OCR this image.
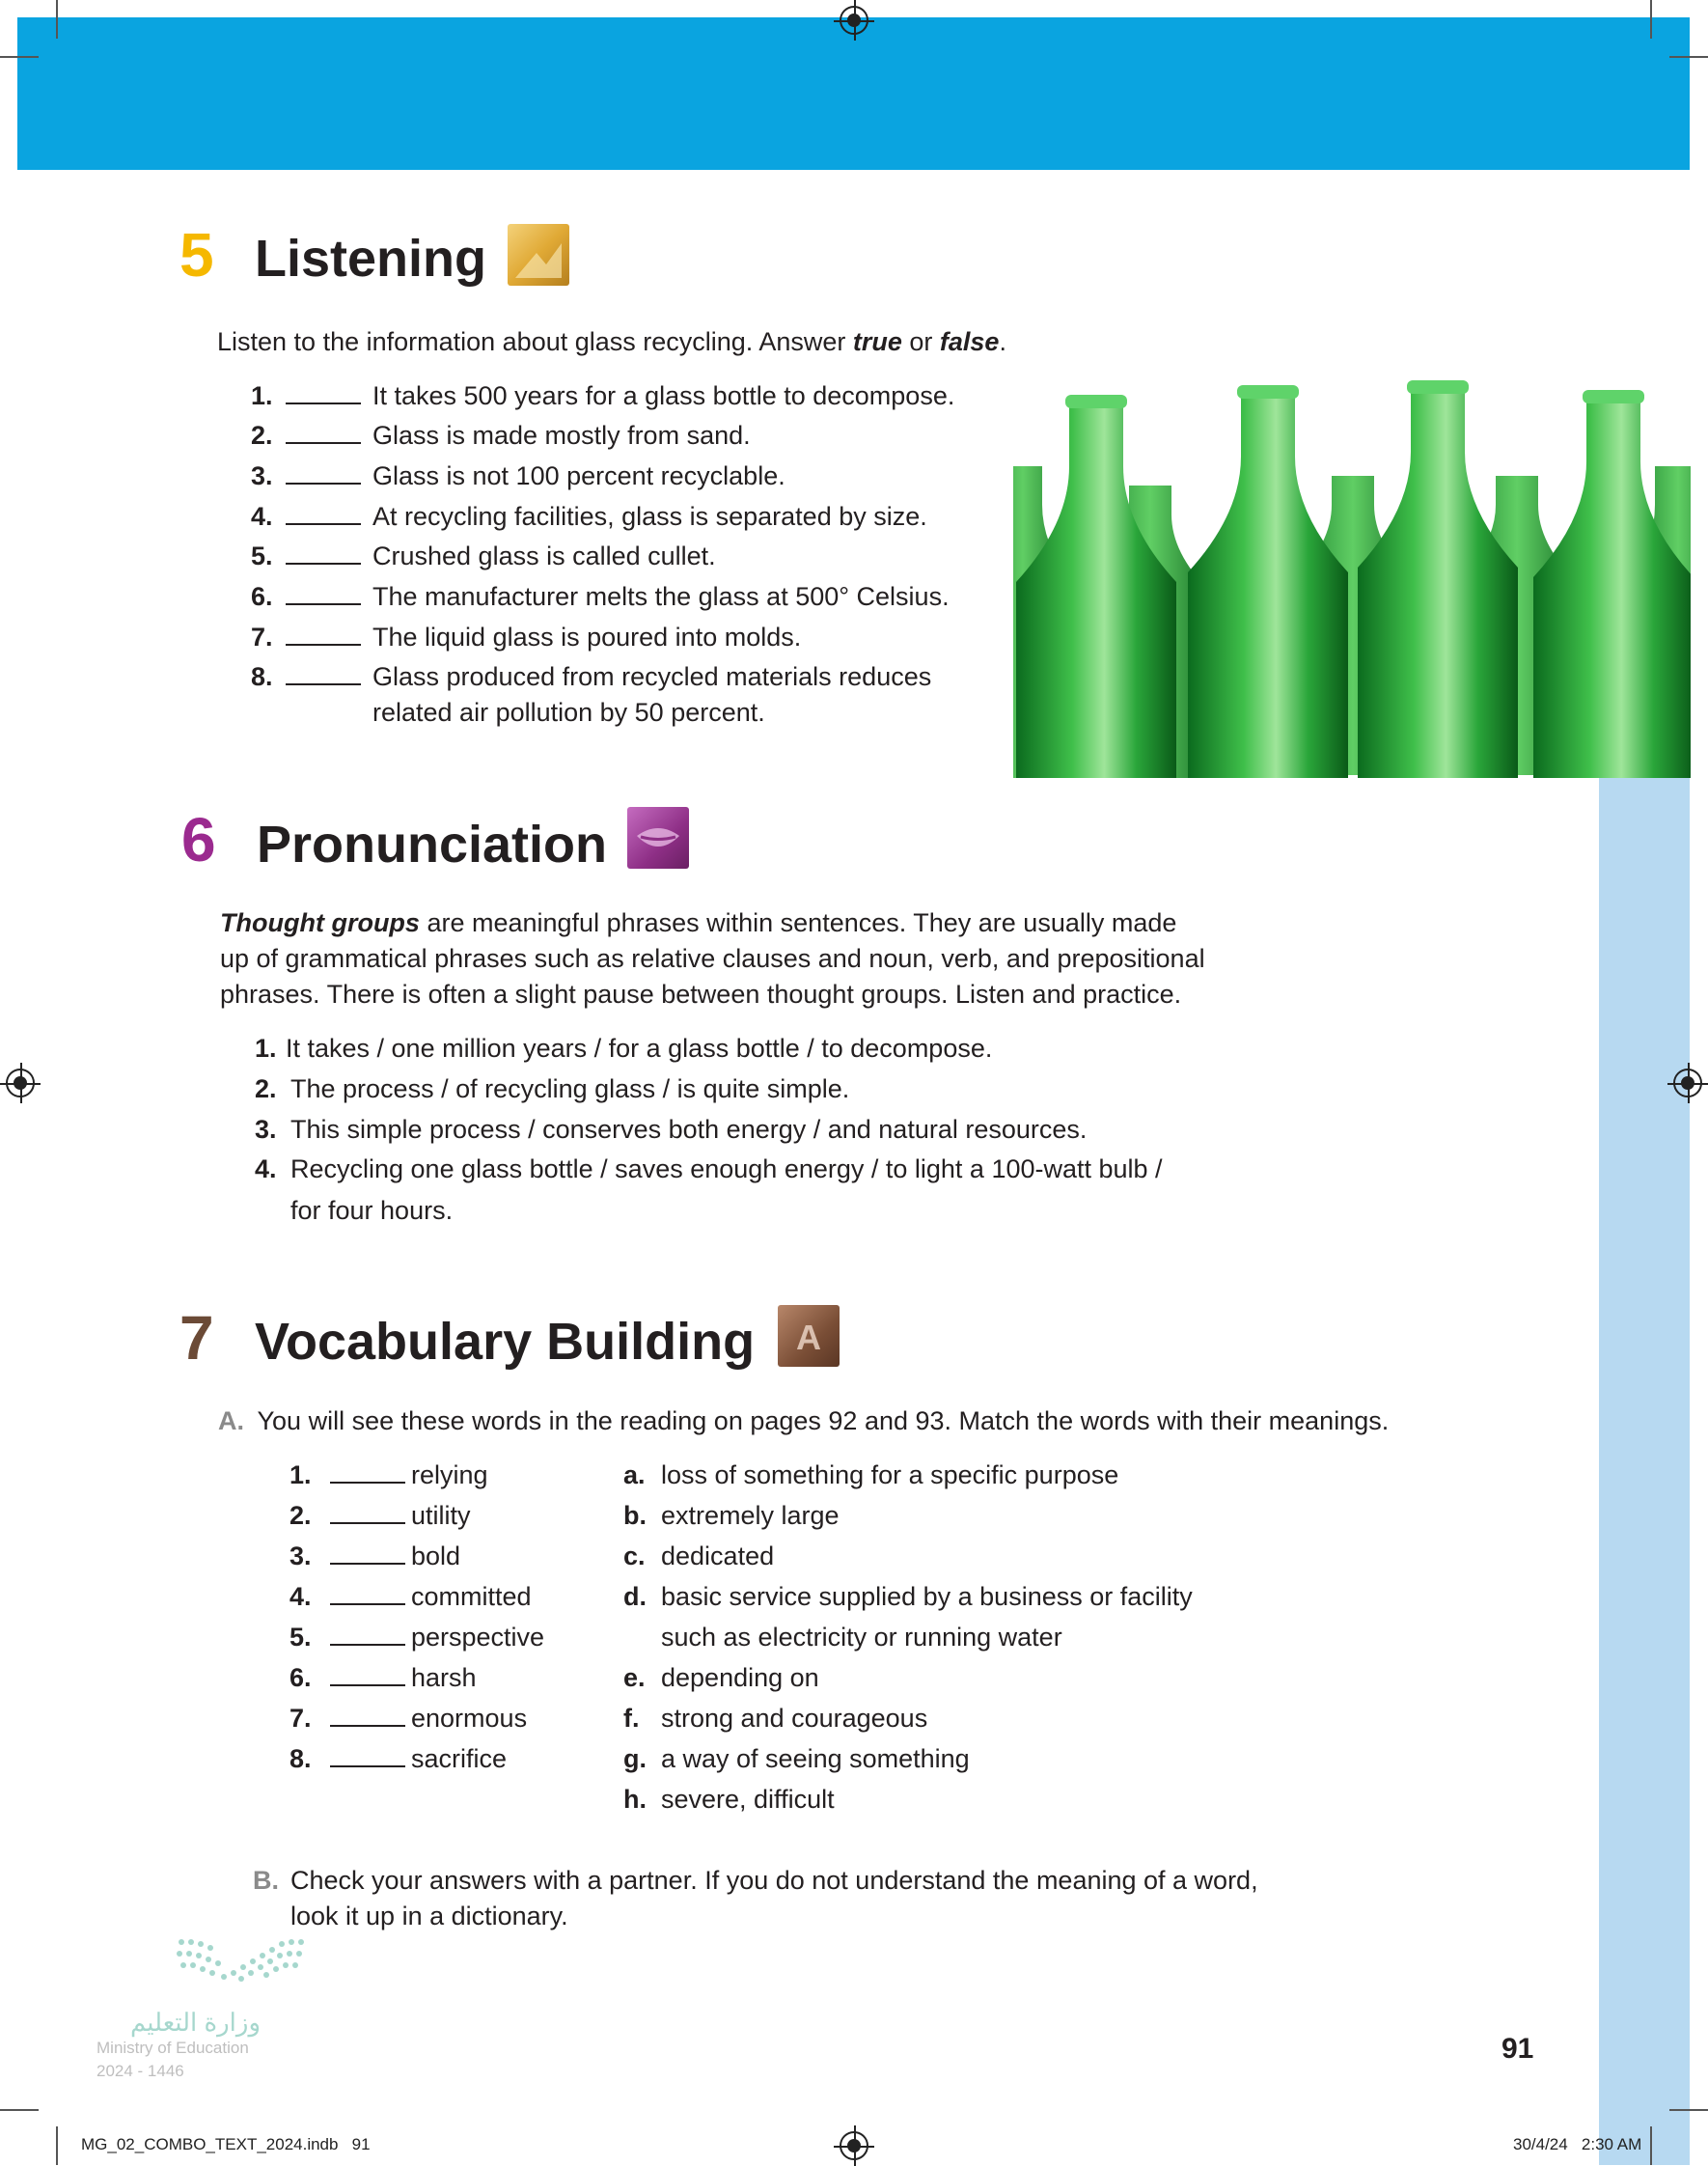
5 Listening
Listen to the information about glass recycling. Answer true or false.
1.	It takes 500 years for a glass bottle to decompose.
2.	Glass is made mostly from sand.
3.	Glass is not 100 percent recyclable.
4.	At recycling facilities, glass is separated by size.
5.	Crushed glass is called cullet.
6.	The manufacturer melts the glass at 500° Celsius.
7.	The liquid glass is poured into molds.
8.	Glass produced from recycled materials reduces
related air pollution by 50 percent.
6 Pronunciation
Thought groups are meaningful phrases within sentences. They are usually made
up of grammatical phrases such as relative clauses and noun, verb, and prepositional
phrases. There is often a slight pause between thought groups. Listen and practice.
1. It takes / one million years / for a glass bottle / to decompose.
2. The process / of recycling glass / is quite simple.
3. This simple process / conserves both energy / and natural resources.
4. Recycling one glass bottle / saves enough energy / to light a 100-watt bulb /
for four hours.
7 Vocabulary Building A
A. You will see these words in the reading on pages 92 and 93. Match the words with their meanings.
1.	relying
2.	utility
3.	bold
4.	committed
5.	perspective
6.	harsh
7.	enormous
8.	sacrifice
a. loss of something for a specific purpose
b. extremely large
c. dedicated
d. basic service supplied by a business or facility
such as electricity or running water
e. depending on
f. strong and courageous
g. a way of seeing something
h. severe, difficult
B. Check your answers with a partner. If you do not understand the meaning of a word,
look it up in a dictionary.
وزارة التعليم
Ministry of Education
2024 - 1446
91
MG_02_COMBO_TEXT_2024.indb   91	30/4/24   2:30 AM
